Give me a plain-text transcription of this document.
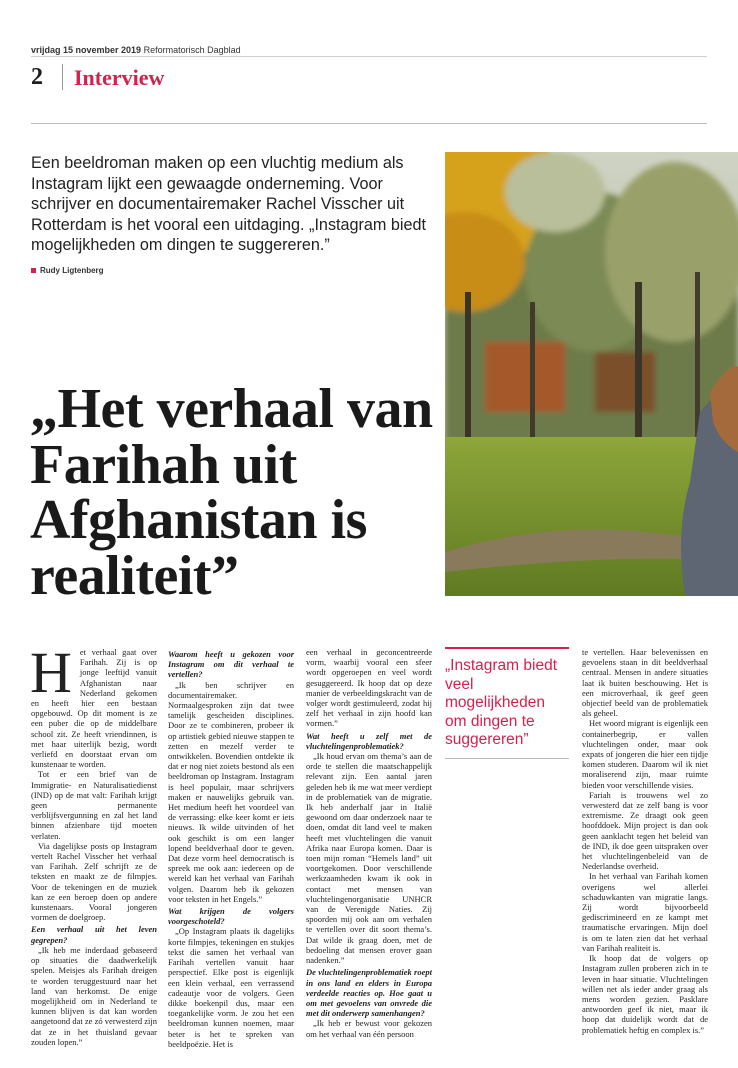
vrijdag 15 november 2019 Reformatorisch Dagblad
2 Interview
Een beeldroman maken op een vluchtig medium als Instagram lijkt een gewaagde onderneming. Voor schrijver en documentairemaker Rachel Visscher uit Rotterdam is het vooral een uitdaging. „Instagram biedt mogelijkheden om dingen te suggereren.”
Rudy Ligtenberg
„Het verhaal van Farihah uit Afghanistan is realiteit”
H et verhaal gaat over Farihah. Zij is op jonge leeftijd vanuit Afghanistan naar Nederland gekomen en heeft hier een bestaan opgebouwd. Op dit moment is ze een puber die op de middelbare school zit. Ze heeft vriendinnen, is met haar uiterlijk bezig, wordt verliefd en doorstaat ervan om kunstenaar te worden.

Tot er een brief van de Immigratie- en Naturalisatiedienst (IND) op de mat valt: Farihah krijgt geen permanente verblijfsvergunning en zal het land binnen afzienbare tijd moeten verlaten.

Via dagelijkse posts op Instagram vertelt Rachel Visscher het verhaal van Farihah. Zelf schrijft ze de teksten en maakt ze de filmpjes. Voor de tekeningen en de muziek kan ze een beroep doen op andere kunstenaars. Vooral jongeren vormen de doelgroep.

Een verhaal uit het leven gegrepen?

„Ik heb me inderdaad gebaseerd op situaties die daadwerkelijk spelen. Meisjes als Farihah dreigen te worden teruggestuurd naar het land van herkomst. De enige mogelijkheid om in Nederland te kunnen blijven is dat kan worden aangetoond dat ze zó verwesterd zijn dat ze in het thuisland gevaar zouden lopen.”

Waarom heeft u gekozen voor Instagram om dit verhaal te vertellen?

„Ik ben schrijver en documentairemaker. Normaalgesproken zijn dat twee tamelijk gescheiden disciplines. Door ze te combineren, probeer ik op artistiek gebied nieuwe stappen te zetten en mezelf verder te ontwikkelen. Bovendien ontdekte ik dat er nog niet zoiets bestond als een beeldroman op Instagram. Instagram is heel populair, maar schrijvers maken er nauwelijks gebruik van. Het medium heeft het voordeel van de verrassing: elke keer komt er iets nieuws. Ik wilde uitvinden of het ook geschikt is om een langer lopend beeldverhaal door te geven. Dat deze vorm heel democratisch is spreek me ook aan: iedereen op de wereld kan het verhaal van Farihah volgen. Daarom heb ik gekozen voor teksten in het Engels.”

Wat krijgen de volgers voorgeschoteld?

„Op Instagram plaats ik dagelijks korte filmpjes, tekeningen en stukjes tekst die samen het verhaal van Farihah vertellen vanuit haar perspectief. Elke post is eigenlijk een klein verhaal, een verrassend cadeautje voor de volgers. Geen dikke boekenpil dus, maar een toegankelijke vorm. Je zou het een beeldroman kunnen noemen, maar beter is het te spreken van beeldpoëzie. Het is

een verhaal in geconcentreerde vorm, waarbij vooral een sfeer wordt opgeroepen en veel wordt gesuggereerd. Ik hoop dat op deze manier de verbeeldingskracht van de volger wordt gestimuleerd, zodat hij zelf het verhaal in zijn hoofd kan vormen.”

Wat heeft u zelf met de vluchtelingenproblematiek?

„Ik houd ervan om thema’s aan de orde te stellen die maatschappelijk relevant zijn. Een aantal jaren geleden heb ik me wat meer verdiept in de problematiek van de migratie. Ik heb anderhalf jaar in Italië gewoond om daar onderzoek naar te doen, omdat dit land veel te maken heeft met vluchtelingen die vanuit Afrika naar Europa komen. Daar is toen mijn roman “Hemels land” uit voortgekomen. Door verschillende werkzaamheden kwam ik ook in contact met mensen van vluchtelingenorganisatie UNHCR van de Verenigde Naties. Zij spoorden mij ook aan om verhalen te vertellen over dit soort thema’s. Dat wilde ik graag doen, met de bedoeling dat mensen erover gaan nadenken.”

De vluchtelingenproblematiek roept in ons land en elders in Europa verdeelde reacties op. Hoe gaat u om met gevoelens van onvrede die met dit onderwerp samenhangen?

„Ik heb er bewust voor gekozen om het verhaal van één persoon

„Instagram biedt veel mogelijkheden om dingen te suggereren”

te vertellen. Haar belevenissen en gevoelens staan in dit beeldverhaal centraal. Mensen in andere situaties laat ik buiten beschouwing. Het is een microverhaal, ik geef geen objectief beeld van de problematiek als geheel.

Het woord migrant is eigenlijk een containerbegrip, er vallen vluchtelingen onder, maar ook expats of jongeren die hier een tijdje komen studeren. Daarom wil ik niet moraliserend zijn, maar ruimte bieden voor verschillende visies.

Fariah is trouwens wel zo verwesterd dat ze zelf bang is voor extremisme. Ze draagt ook geen hoofddoek. Mijn project is dan ook geen aanklacht tegen het beleid van de IND, ik doe geen uitspraken over het vluchtelingenbeleid van de Nederlandse overheid.

In het verhaal van Farihah komen overigens wel allerlei schaduwkanten van migratie langs. Zij wordt bijvoorbeeld gediscrimineerd en ze kampt met traumatische ervaringen. Mijn doel is om te laten zien dat het verhaal van Farihah realiteit is.

Ik hoop dat de volgers op Instagram zullen proberen zich in te leven in haar situatie. Vluchtelingen willen net als ieder ander graag als mens worden gezien. Pasklare antwoorden geef ik niet, maar ik hoop dat duidelijk wordt dat de problematiek heftig en complex is.”
